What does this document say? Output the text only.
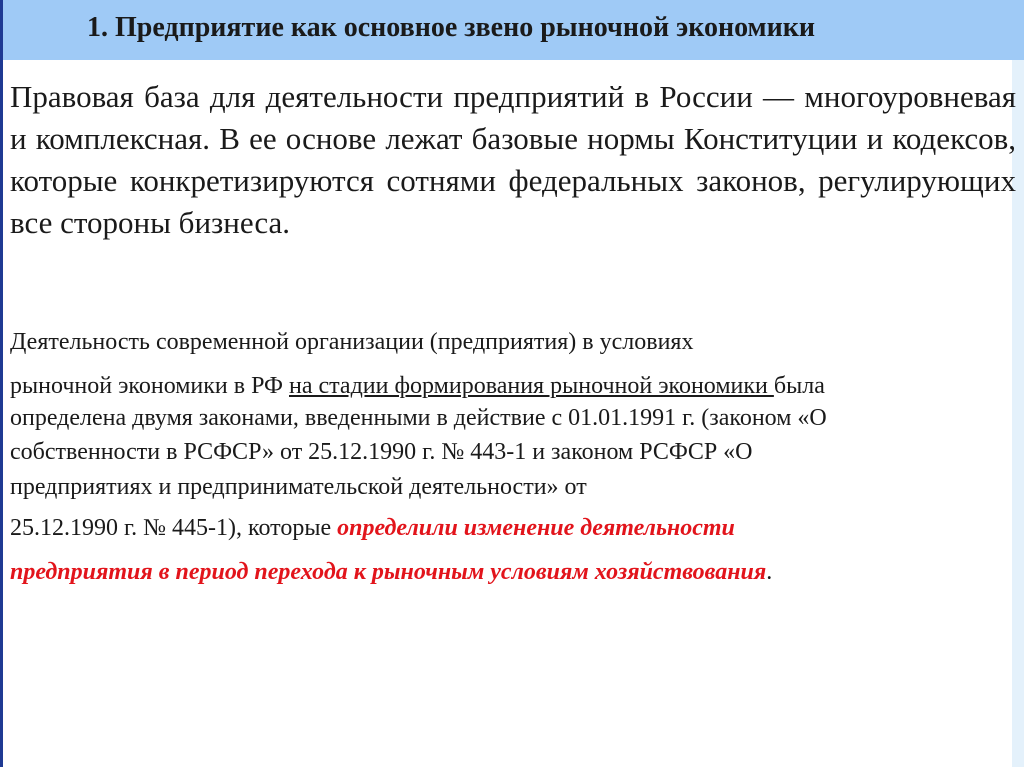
1. Предприятие как основное звено рыночной экономики

Правовая база для деятельности предприятий в России — многоуровневая и комплексная. В ее основе лежат базовые нормы Конституции и кодексов, которые конкретизируются сотнями федеральных законов, регулирующих все стороны бизнеса.

Деятельность современной организации (предприятия) в условиях

рыночной экономики в РФ на стадии формирования рыночной экономики была

определена двумя законами, введенными в действие с 01.01.1991 г. (законом «О

собственности в РСФСР» от 25.12.1990 г. № 443-1 и законом РСФСР «О

предприятиях и предпринимательской деятельности» от

25.12.1990 г. № 445-1), которые определили изменение деятельности

предприятия в период перехода к рыночным условиям хозяйствования.
